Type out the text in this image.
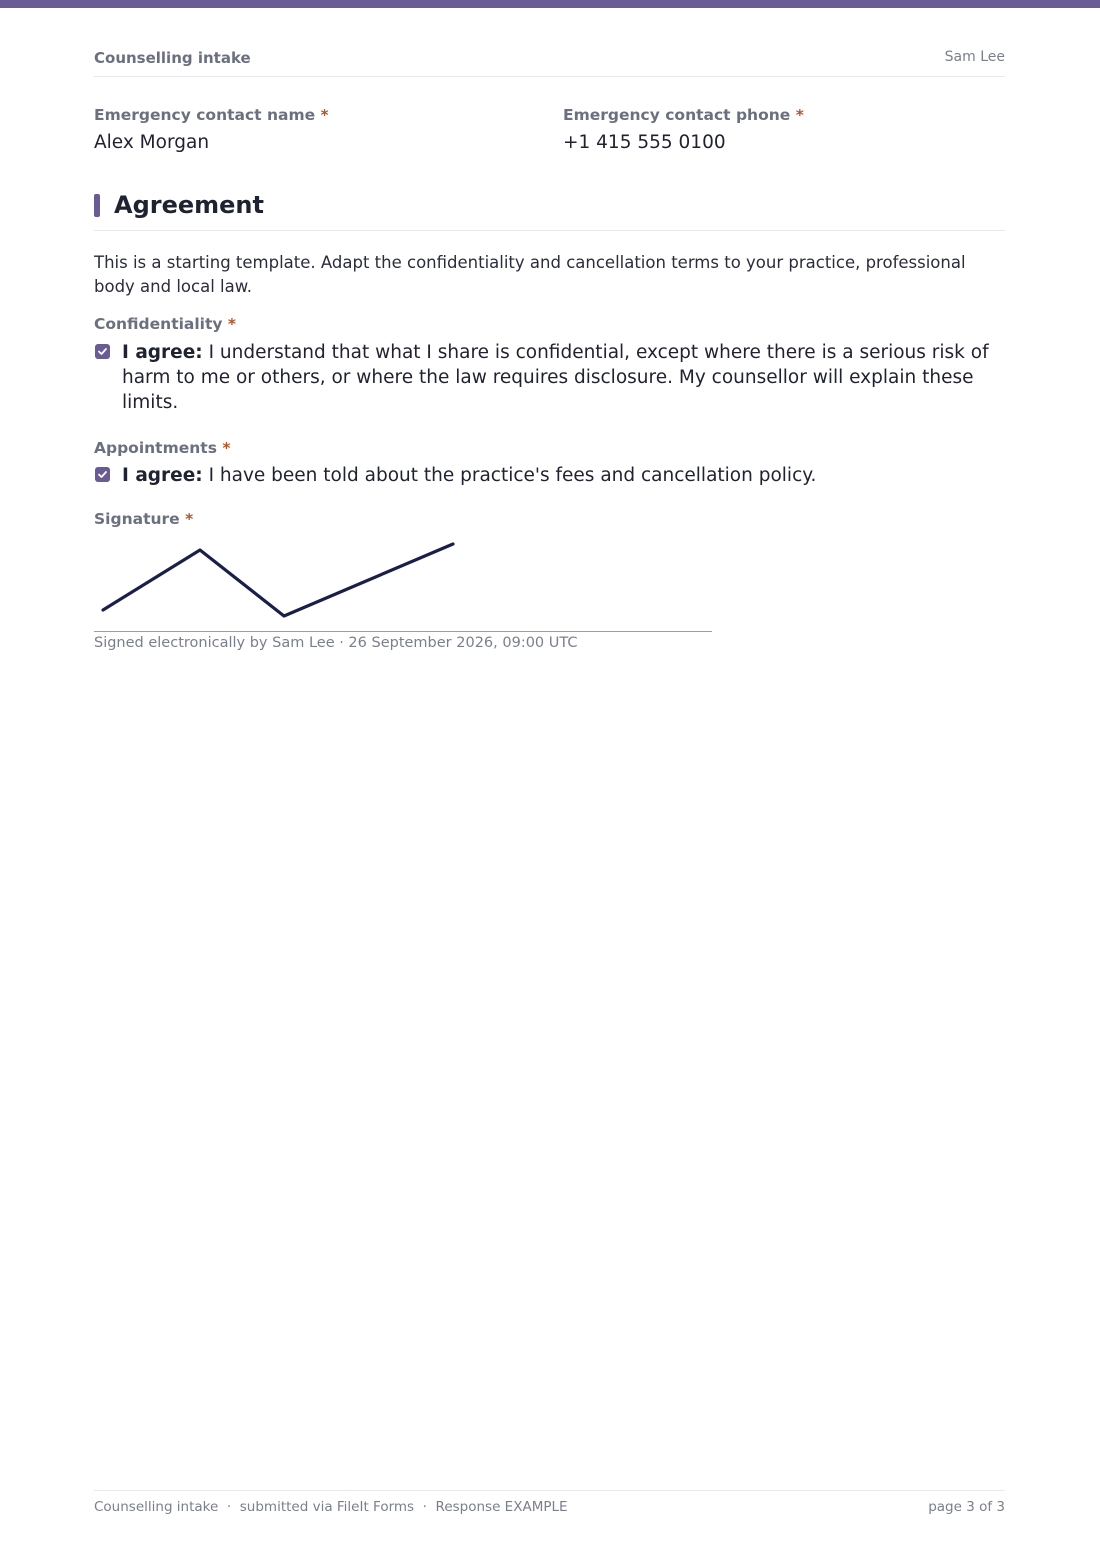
Counselling intake	Sam Lee
Emergency contact name *
Alex Morgan
Emergency contact phone *
+1 415 555 0100
Agreement
This is a starting template. Adapt the confidentiality and cancellation terms to your practice, professional body and local law.
Confidentiality *
I agree: I understand that what I share is confidential, except where there is a serious risk of harm to me or others, or where the law requires disclosure. My counsellor will explain these limits.
Appointments *
I agree: I have been told about the practice's fees and cancellation policy.
Signature *
Signed electronically by Sam Lee · 26 September 2026, 09:00 UTC
Counselling intake  ·  submitted via FileIt Forms  ·  Response EXAMPLE	page 3 of 3
